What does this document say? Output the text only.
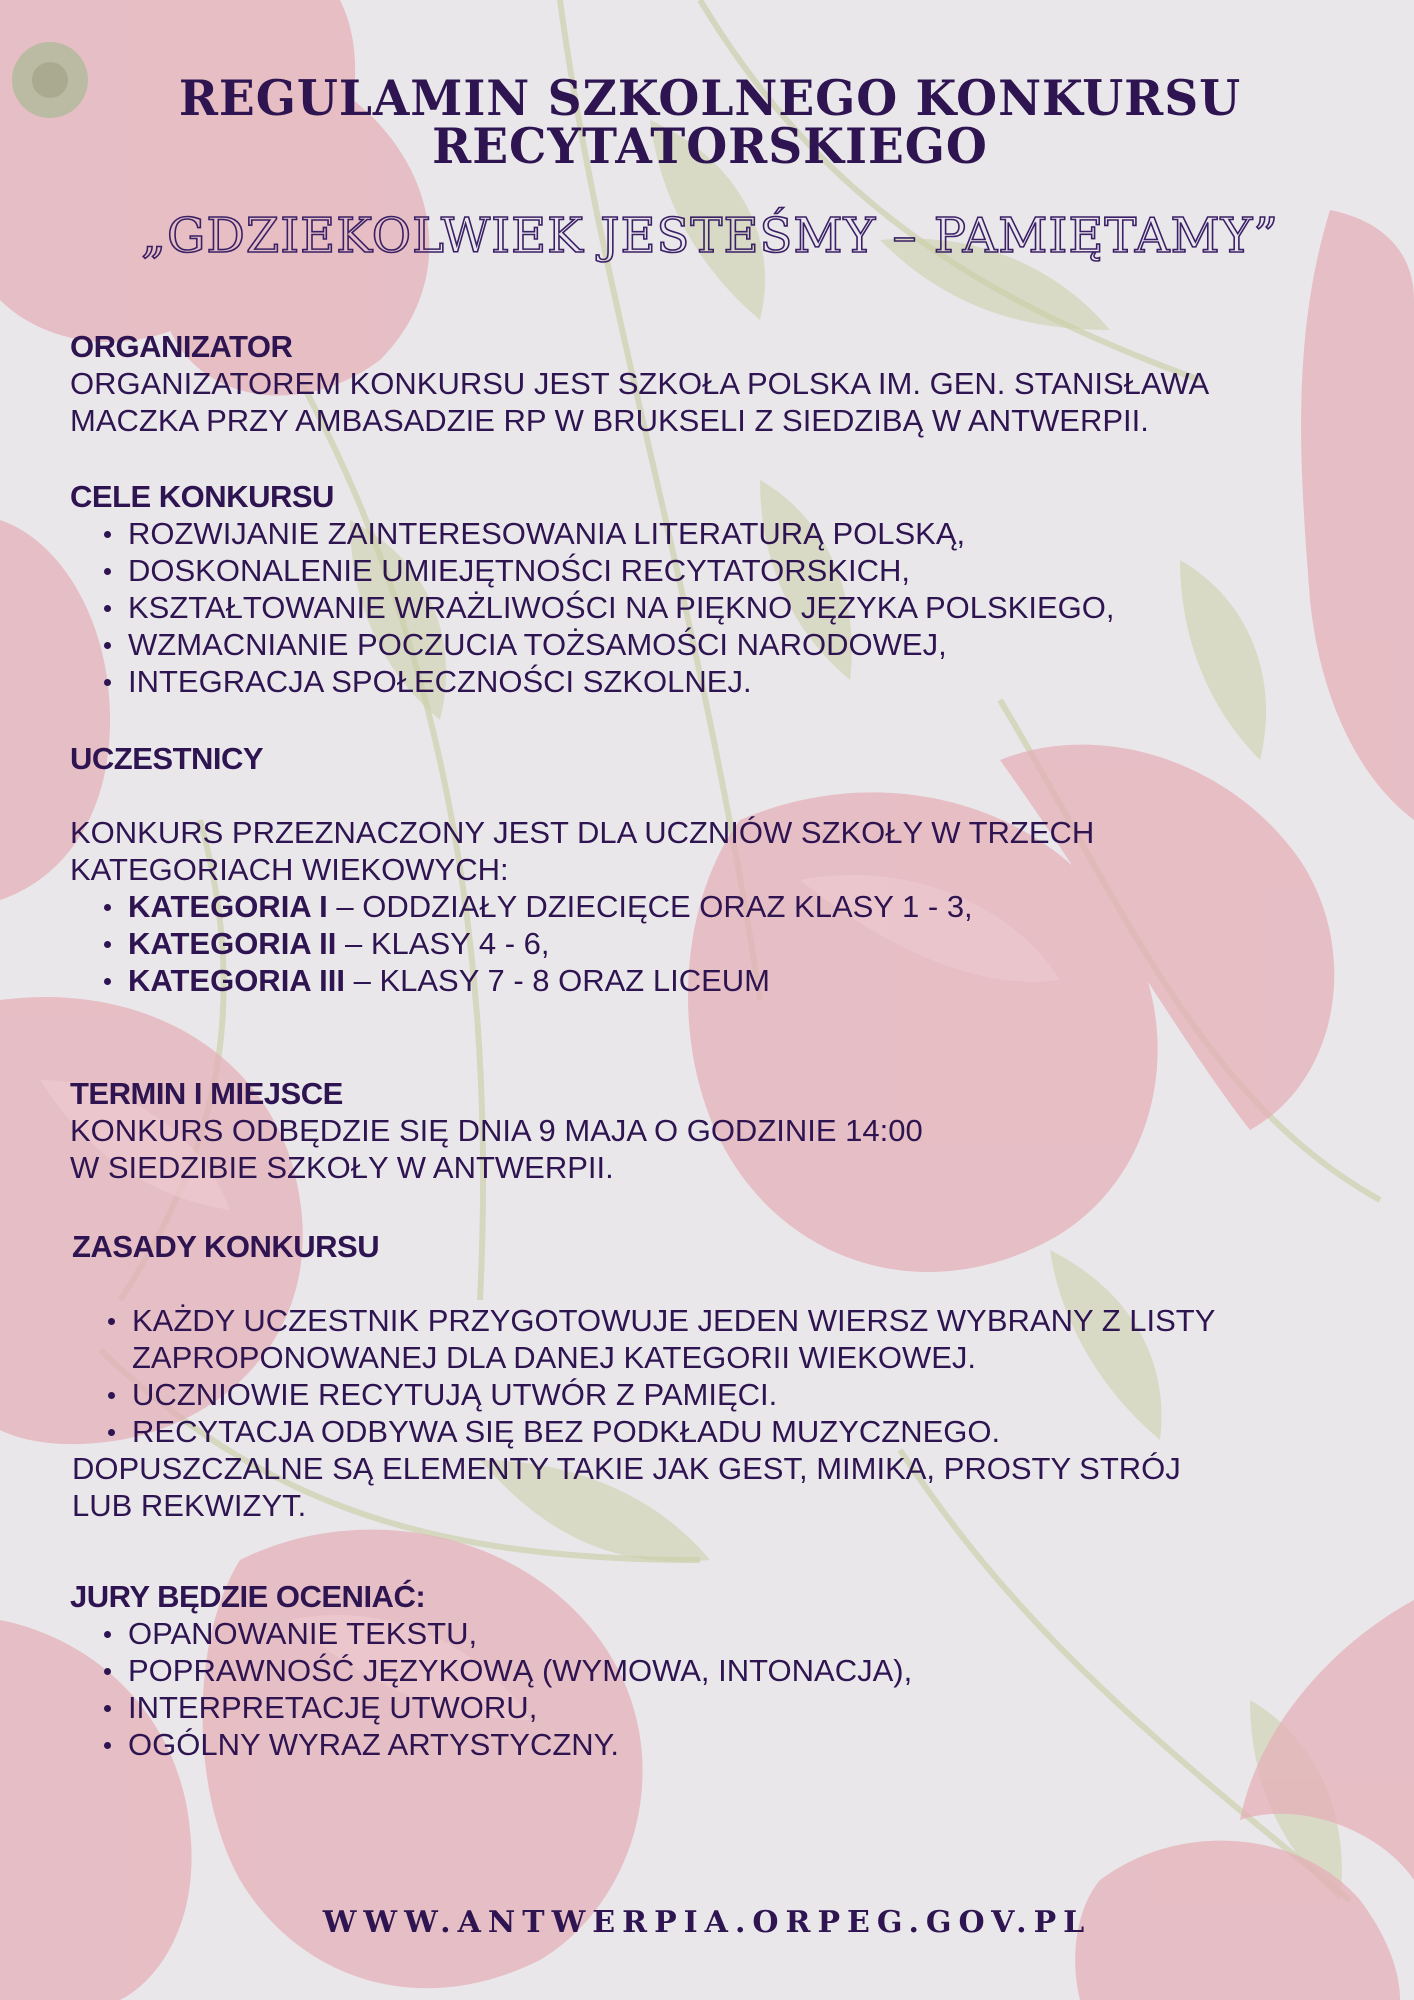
REGULAMIN SZKOLNEGO KONKURSU
RECYTATORSKIEGO
„GDZIEKOLWIEK JESTEŚMY – PAMIĘTAMY”
ORGANIZATOR
ORGANIZATOREM KONKURSU JEST SZKOŁA POLSKA IM. GEN. STANISŁAWA
MACZKA PRZY AMBASADZIE RP W BRUKSELI Z SIEDZIBĄ W ANTWERPII.
CELE KONKURSU
ROZWIJANIE ZAINTERESOWANIA LITERATURĄ POLSKĄ,
DOSKONALENIE UMIEJĘTNOŚCI RECYTATORSKICH,
KSZTAŁTOWANIE WRAŻLIWOŚCI NA PIĘKNO JĘZYKA POLSKIEGO,
WZMACNIANIE POCZUCIA TOŻSAMOŚCI NARODOWEJ,
INTEGRACJA SPOŁECZNOŚCI SZKOLNEJ.
UCZESTNICY
KONKURS PRZEZNACZONY JEST DLA UCZNIÓW SZKOŁY W TRZECH
KATEGORIACH WIEKOWYCH:
KATEGORIA I – ODDZIAŁY DZIECIĘCE ORAZ KLASY 1 - 3,
KATEGORIA II – KLASY 4 - 6,
KATEGORIA III – KLASY 7 - 8 ORAZ LICEUM
TERMIN I MIEJSCE
KONKURS ODBĘDZIE SIĘ DNIA 9 MAJA O GODZINIE 14:00
W SIEDZIBIE SZKOŁY W ANTWERPII.
ZASADY KONKURSU
KAŻDY UCZESTNIK PRZYGOTOWUJE JEDEN WIERSZ WYBRANY Z LISTY ZAPROPONOWANEJ DLA DANEJ KATEGORII WIEKOWEJ.
UCZNIOWIE RECYTUJĄ UTWÓR Z PAMIĘCI.
RECYTACJA ODBYWA SIĘ BEZ PODKŁADU MUZYCZNEGO.
DOPUSZCZALNE SĄ ELEMENTY TAKIE JAK GEST, MIMIKA, PROSTY STRÓJ
LUB REKWIZYT.
JURY BĘDZIE OCENIAĆ:
OPANOWANIE TEKSTU,
POPRAWNOŚĆ JĘZYKOWĄ (WYMOWA, INTONACJA),
INTERPRETACJĘ UTWORU,
OGÓLNY WYRAZ ARTYSTYCZNY.
WWW.ANTWERPIA.ORPEG.GOV.PL
